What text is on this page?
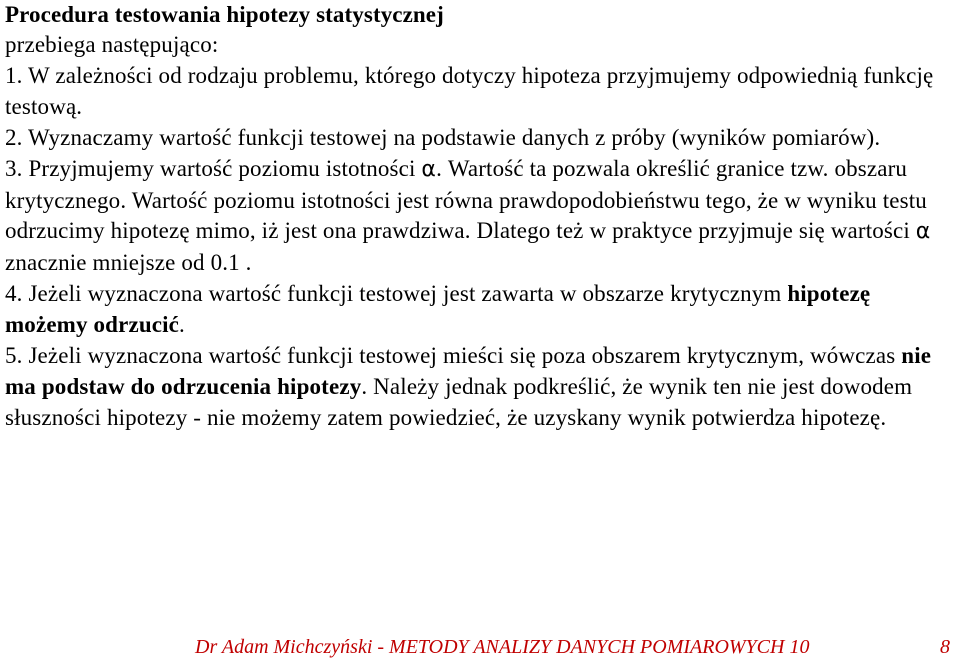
Procedura testowania hipotezy statystycznej

przebiega następująco:

1. W zależności od rodzaju problemu, którego dotyczy hipoteza przyjmujemy odpowiednią funkcję testową.

2. Wyznaczamy wartość funkcji testowej na podstawie danych z próby (wyników pomiarów).

3. Przyjmujemy wartość poziomu istotności α. Wartość ta pozwala określić granice tzw. obszaru krytycznego. Wartość poziomu istotności jest równa prawdopodobieństwu tego, że w wyniku testu odrzucimy hipotezę mimo, iż jest ona prawdziwa. Dlatego też w praktyce przyjmuje się wartości α znacznie mniejsze od 0.1 .

4. Jeżeli wyznaczona wartość funkcji testowej jest zawarta w obszarze krytycznym hipotezę możemy odrzucić.

5. Jeżeli wyznaczona wartość funkcji testowej mieści się poza obszarem krytycznym, wówczas nie ma podstaw do odrzucenia hipotezy. Należy jednak podkreślić, że wynik ten nie jest dowodem słuszności hipotezy - nie możemy zatem powiedzieć, że uzyskany wynik potwierdza hipotezę.

Dr Adam Michczyński - METODY ANALIZY DANYCH POMIAROWYCH 10	8
